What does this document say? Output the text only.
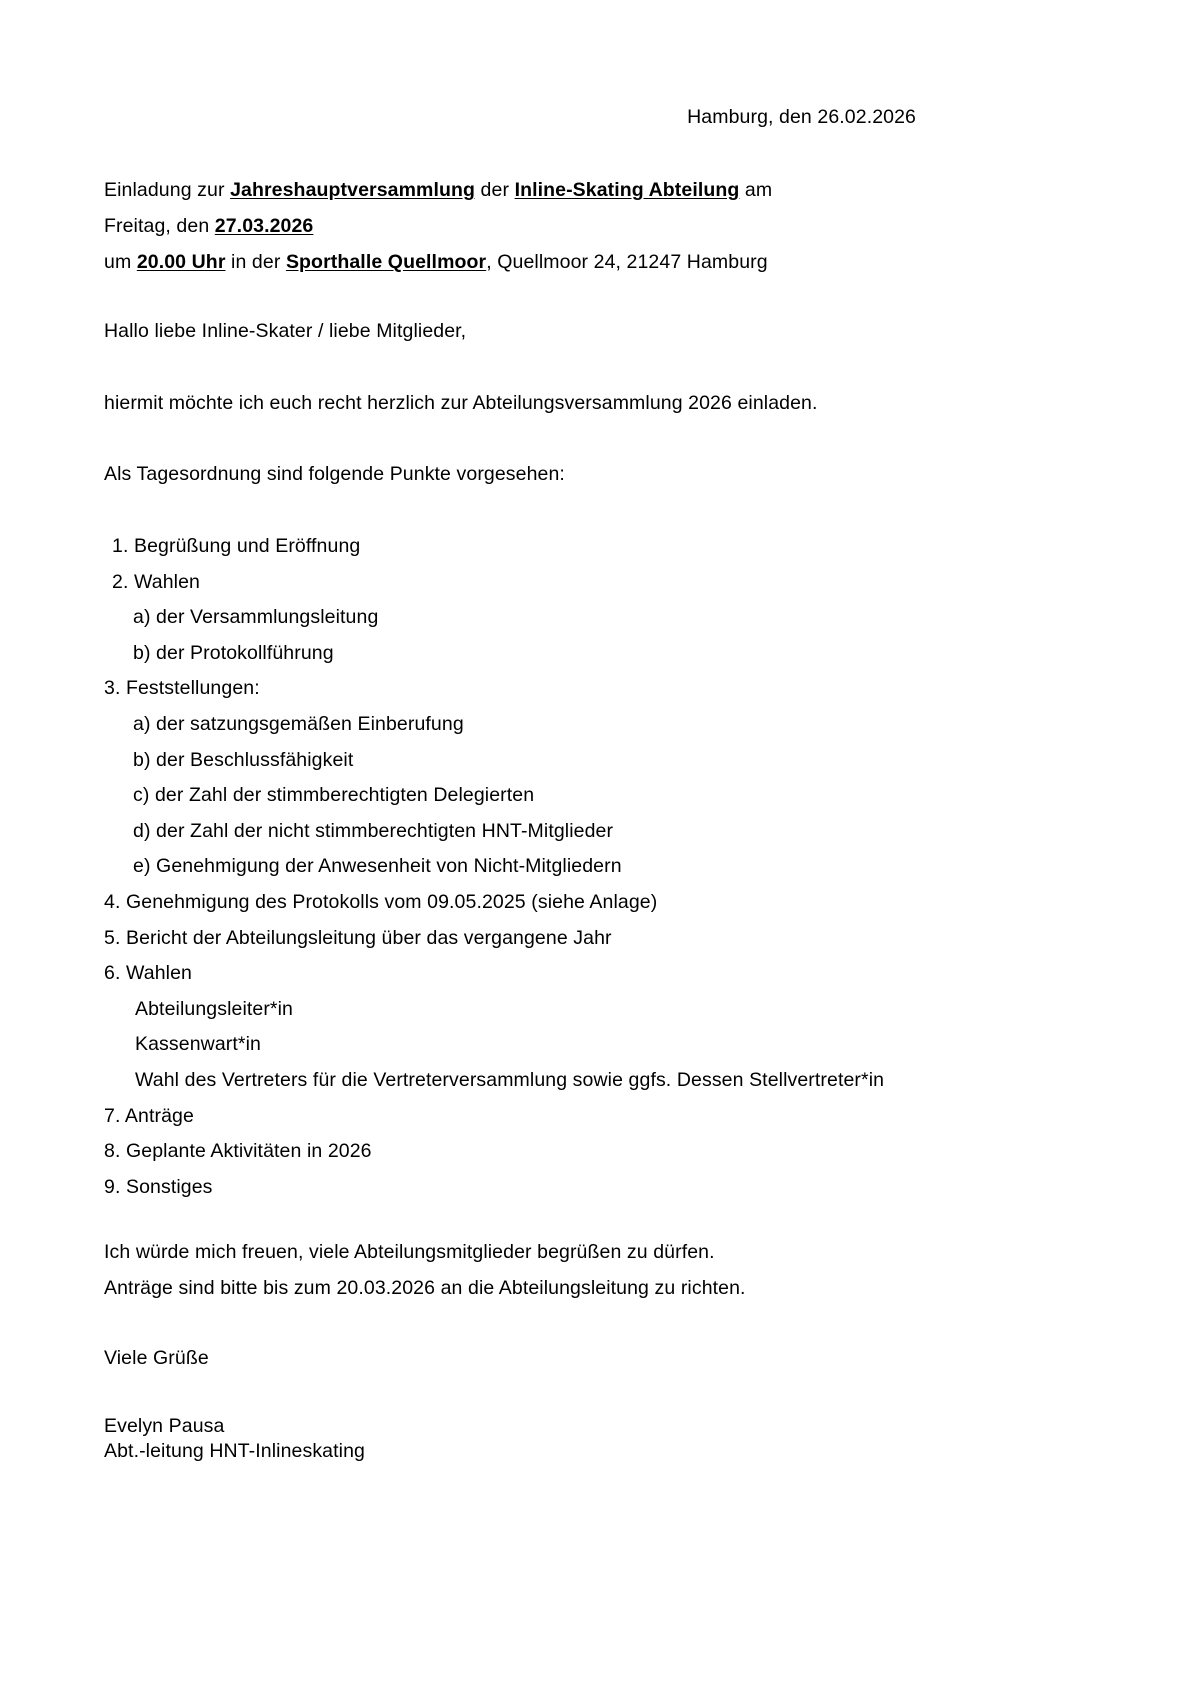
Hamburg, den 26.02.2026
Einladung zur Jahreshauptversammlung der Inline-Skating Abteilung am
Freitag, den 27.03.2026
um 20.00 Uhr in der Sporthalle Quellmoor, Quellmoor 24, 21247 Hamburg
Hallo liebe Inline-Skater / liebe Mitglieder,
hiermit möchte ich euch recht herzlich zur Abteilungsversammlung 2026 einladen.
Als Tagesordnung sind folgende Punkte vorgesehen:
1. Begrüßung und Eröffnung
2. Wahlen
a) der Versammlungsleitung
b) der Protokollführung
3. Feststellungen:
a) der satzungsgemäßen Einberufung
b) der Beschlussfähigkeit
c) der Zahl der stimmberechtigten Delegierten
d) der Zahl der nicht stimmberechtigten HNT-Mitglieder
e) Genehmigung der Anwesenheit von Nicht-Mitgliedern
4. Genehmigung des Protokolls vom 09.05.2025 (siehe Anlage)
5. Bericht der Abteilungsleitung über das vergangene Jahr
6. Wahlen
Abteilungsleiter*in
Kassenwart*in
Wahl des Vertreters für die Vertreterversammlung sowie ggfs. Dessen Stellvertreter*in
7. Anträge
8. Geplante Aktivitäten in 2026
9. Sonstiges
Ich würde mich freuen, viele Abteilungsmitglieder begrüßen zu dürfen.
Anträge sind bitte bis zum 20.03.2026 an die Abteilungsleitung zu richten.
Viele Grüße
Evelyn Pausa
Abt.-leitung HNT-Inlineskating
